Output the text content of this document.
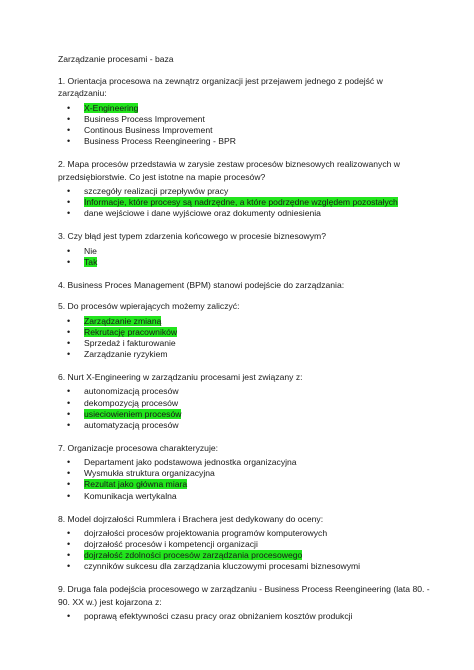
Zarządzanie procesami - baza
1. Orientacja procesowa na zewnątrz organizacji jest przejawem jednego z podejść w zarządzaniu:
• X-Engineering
• Business Process Improvement
• Continous Business Improvement
• Business Process Reengineering - BPR
2. Mapa procesów przedstawia w zarysie zestaw procesów biznesowych realizowanych w przedsiębiorstwie. Co jest istotne na mapie procesów?
• szczegóły realizacji przepływów pracy
• Informacje, które procesy są nadrzędne, a które podrzędne względem pozostałych
• dane wejściowe i dane wyjściowe oraz dokumenty odniesienia
3. Czy błąd jest typem zdarzenia końcowego w procesie biznesowym?
• Nie
• Tak
4. Business Proces Management (BPM) stanowi podejście do zarządzania:
5. Do procesów wpierających możemy zaliczyć:
• Zarządzanie zmianą
• Rekrutację pracowników
• Sprzedaż i fakturowanie
• Zarządzanie ryzykiem
6. Nurt X-Engineering w zarządzaniu procesami jest związany z:
• autonomizacją procesów
• dekompozycją procesów
• usieciowieniem procesów
• automatyzacją procesów
7. Organizacje procesowa charakteryzuje:
• Departament jako podstawowa jednostka organizacyjna
• Wysmukła struktura organizacyjna
• Rezultat jako główna miara
• Komunikacja wertykalna
8. Model dojrzałości Rummlera i Brachera jest dedykowany do oceny:
• dojrzałości procesów projektowania programów komputerowych
• dojrzałość procesów i kompetencji organizacji
• dojrzałość zdolności procesów zarządzania procesowego
• czynników sukcesu dla zarządzania kluczowymi procesami biznesowymi
9. Druga fala podejścia procesowego w zarządzaniu - Business Process Reengineering (lata 80. - 90. XX w.) jest kojarzona z:
• poprawą efektywności czasu pracy oraz obniżaniem kosztów produkcji
